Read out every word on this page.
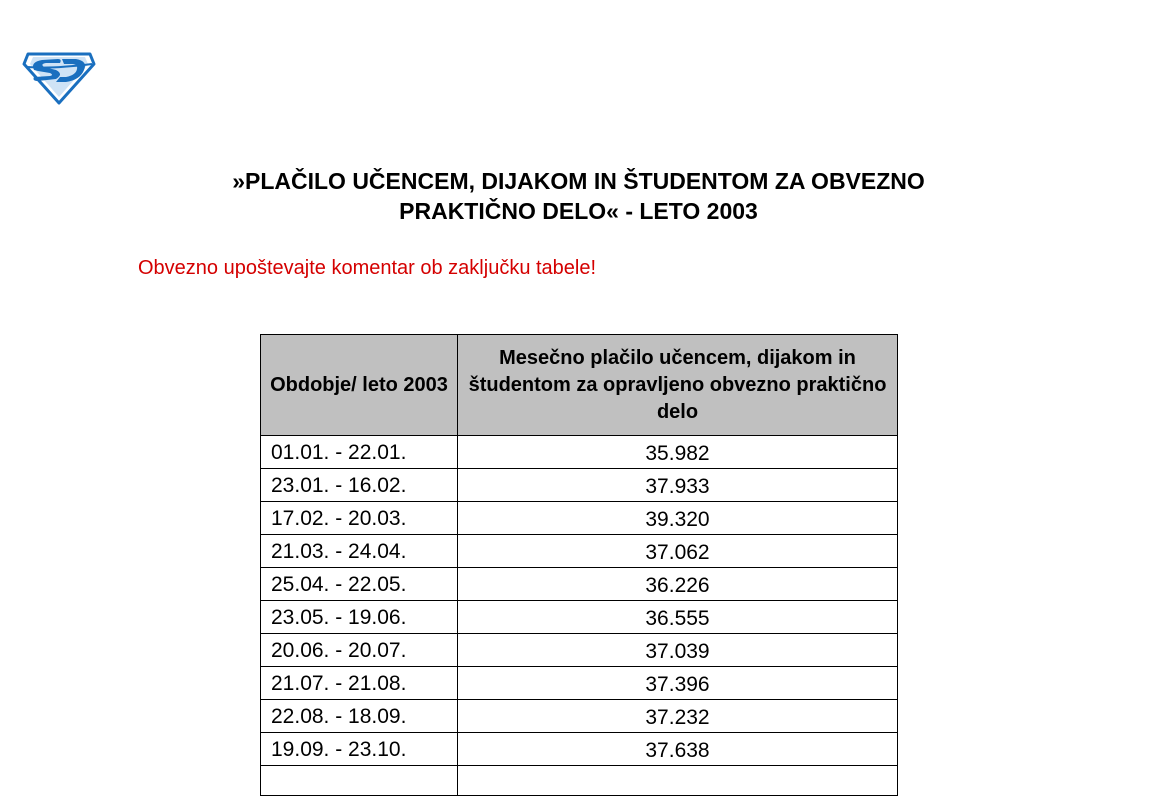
»PLAČILO UČENCEM, DIJAKOM IN ŠTUDENTOM ZA OBVEZNO
PRAKTIČNO DELO« - LETO 2003
Obvezno upoštevajte komentar ob zaključku tabele!
Obdobje/ leto 2003	Mesečno plačilo učencem, dijakom in študentom za opravljeno obvezno praktično delo
01.01. - 22.01.	35.982
23.01. - 16.02.	37.933
17.02. - 20.03.	39.320
21.03. - 24.04.	37.062
25.04. - 22.05.	36.226
23.05. - 19.06.	36.555
20.06. - 20.07.	37.039
21.07. - 21.08.	37.396
22.08. - 18.09.	37.232
19.09. - 23.10.	37.638
